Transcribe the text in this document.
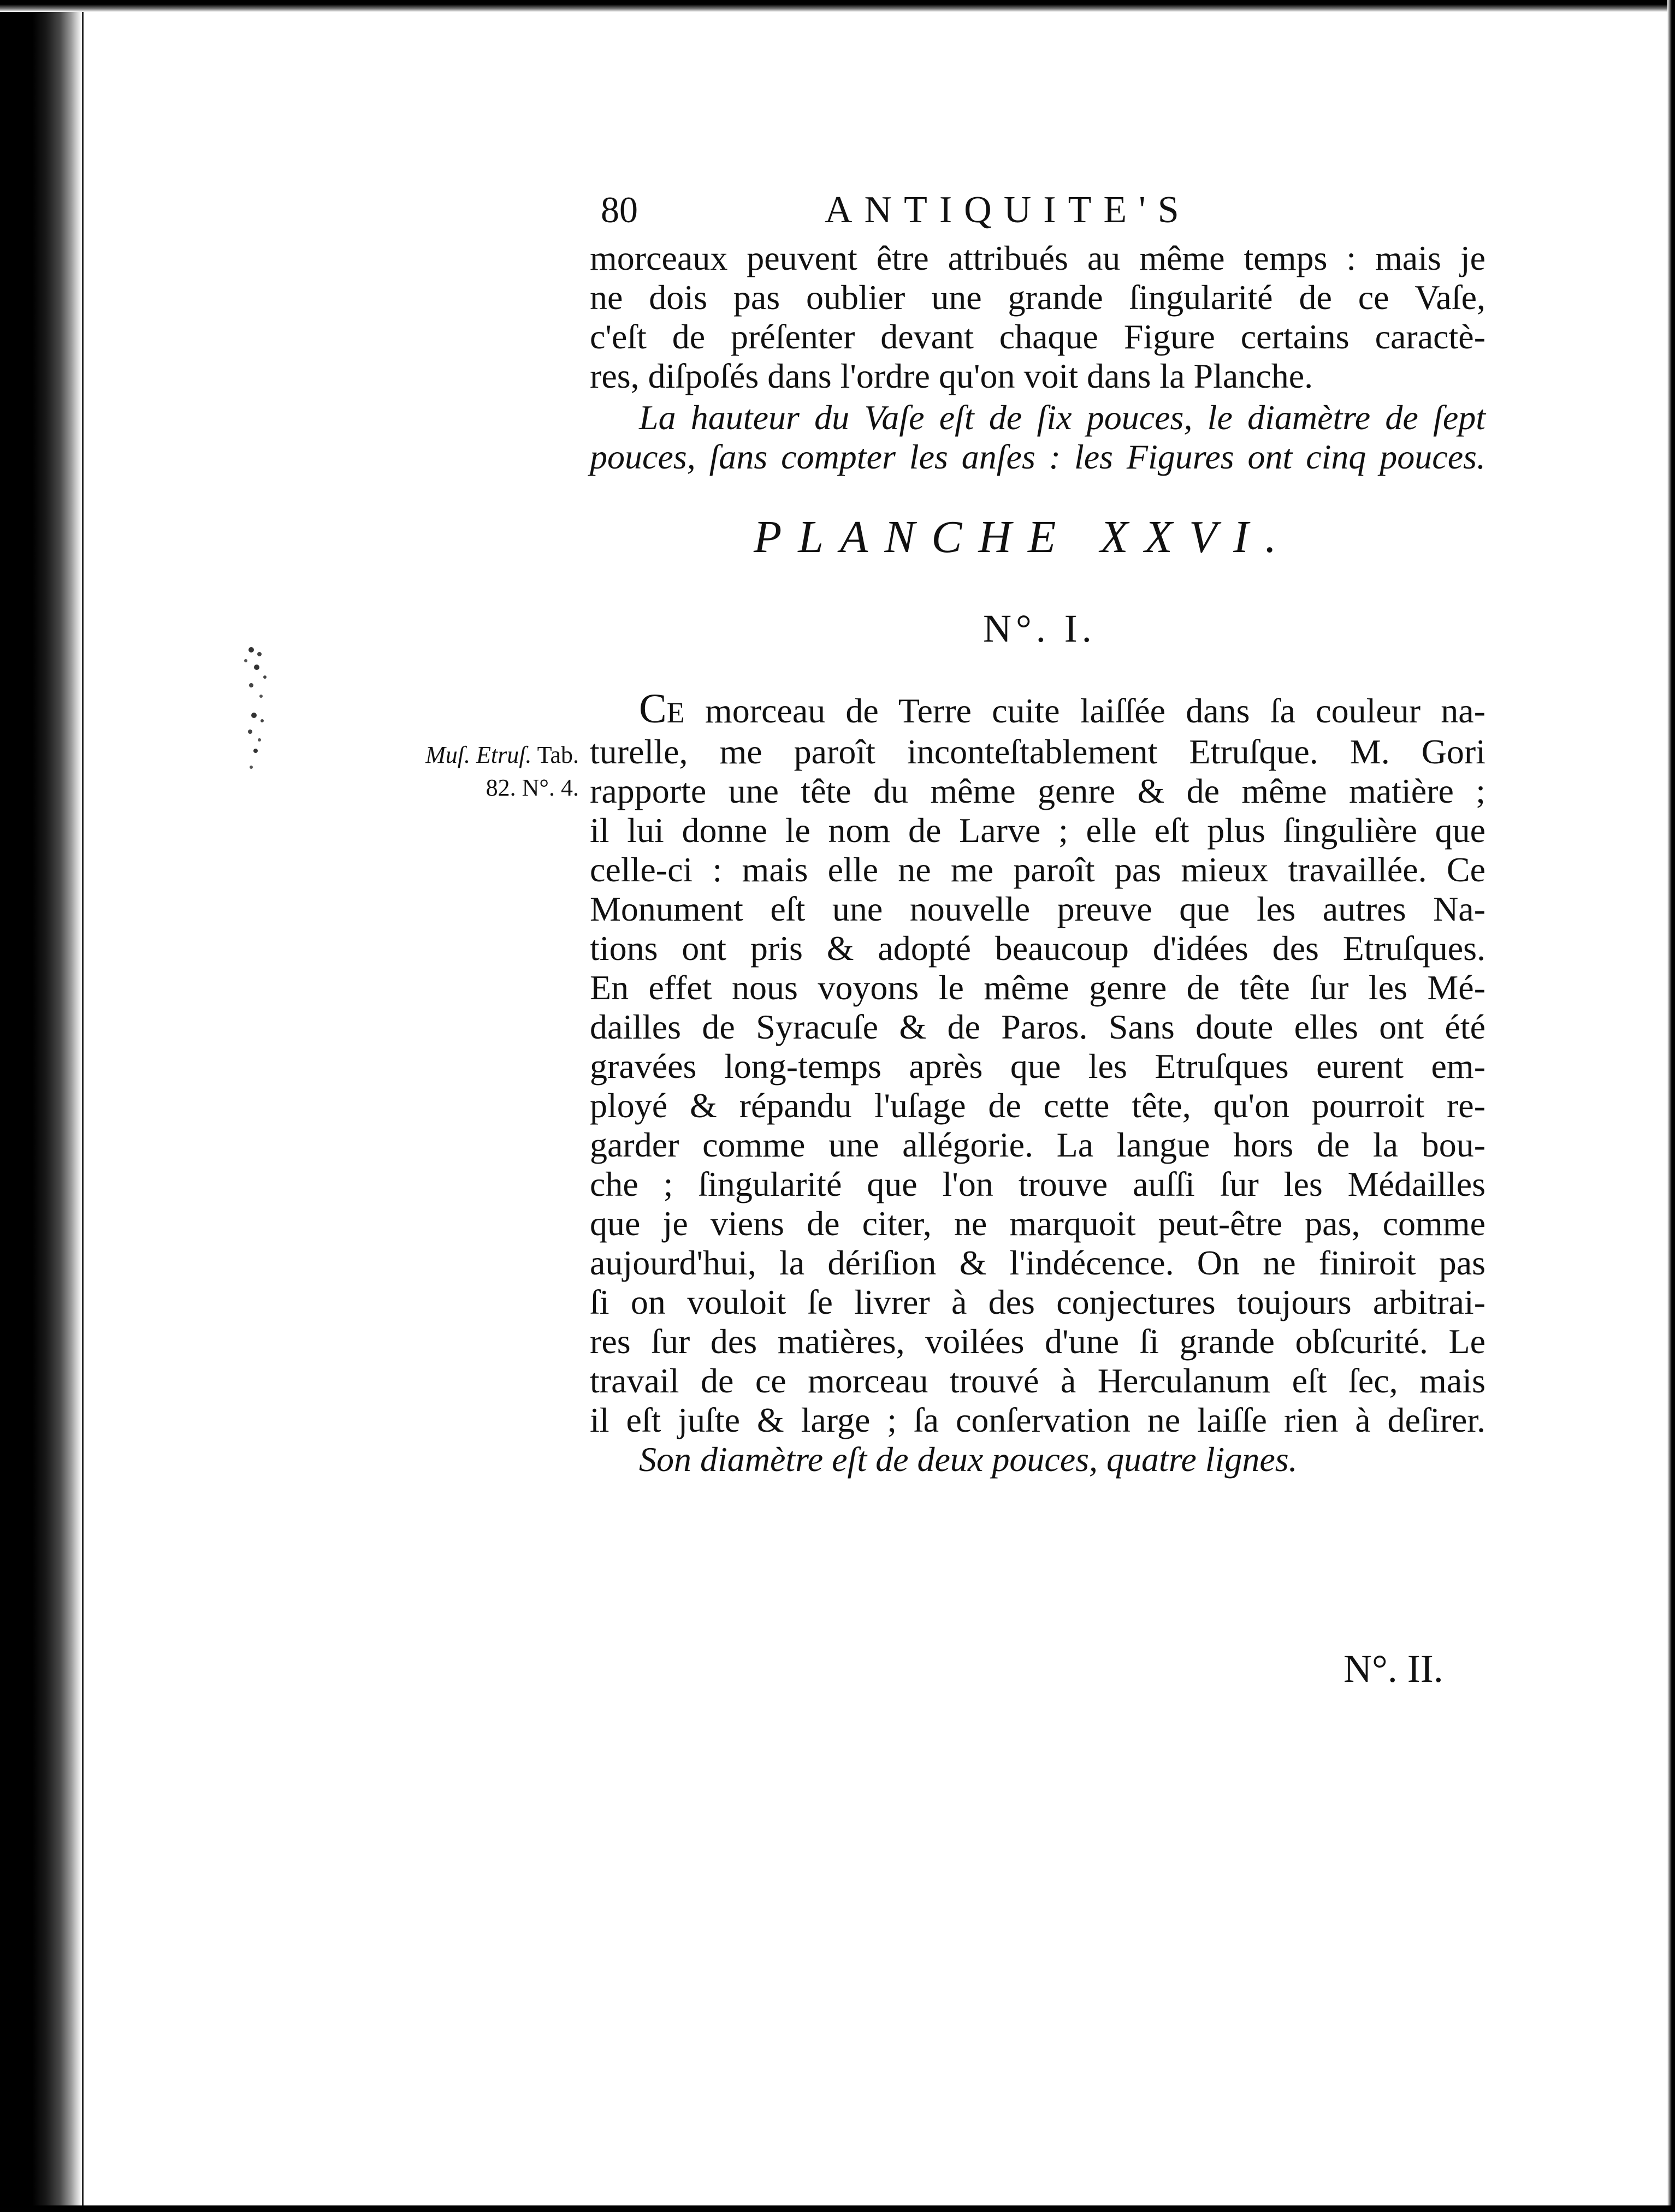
80	ANTIQUITE'S
morceaux peuvent être attribués au même temps : mais je
ne dois pas oublier une grande ſingularité de ce Vaſe,
c'eſt de préſenter devant chaque Figure certains caractè-
res, diſpoſés dans l'ordre qu'on voit dans la Planche.
La hauteur du Vaſe eſt de ſix pouces, le diamètre de ſept
pouces, ſans compter les anſes : les Figures ont cinq pouces.
PLANCHE XXVI.
N°. I.
Muſ. Etruſ. Tab.
82. N°. 4.
CE morceau de Terre cuite laiſſée dans ſa couleur na-
turelle, me paroît inconteſtablement Etruſque. M. Gori
rapporte une tête du même genre & de même matière ;
il lui donne le nom de Larve ; elle eſt plus ſingulière que
celle-ci : mais elle ne me paroît pas mieux travaillée. Ce
Monument eſt une nouvelle preuve que les autres Na-
tions ont pris & adopté beaucoup d'idées des Etruſques.
En effet nous voyons le même genre de tête ſur les Mé-
dailles de Syracuſe & de Paros. Sans doute elles ont été
gravées long-temps après que les Etruſques eurent em-
ployé & répandu l'uſage de cette tête, qu'on pourroit re-
garder comme une allégorie. La langue hors de la bou-
che ; ſingularité que l'on trouve auſſi ſur les Médailles
que je viens de citer, ne marquoit peut-être pas, comme
aujourd'hui, la dériſion & l'indécence. On ne finiroit pas
ſi on vouloit ſe livrer à des conjectures toujours arbitrai-
res ſur des matières, voilées d'une ſi grande obſcurité. Le
travail de ce morceau trouvé à Herculanum eſt ſec, mais
il eſt juſte & large ; ſa conſervation ne laiſſe rien à deſirer.
Son diamètre eſt de deux pouces, quatre lignes.
N°. II.
